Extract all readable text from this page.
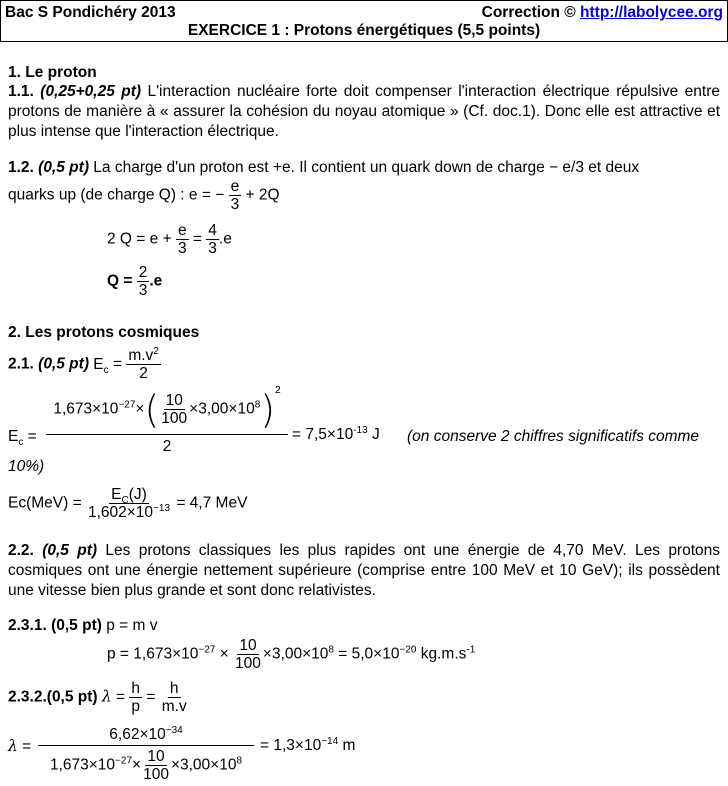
Bac S Pondichéry 2013	Correction © http://labolycee.org
EXERCICE 1 : Protons énergétiques (5,5 points)
1. Le proton
1.1. (0,25+0,25 pt) L'interaction nucléaire forte doit compenser l'interaction électrique répulsive entre protons de manière à « assurer la cohésion du noyau atomique » (Cf. doc.1). Donc elle est attractive et plus intense que l'interaction électrique.
1.2. (0,5 pt) La charge d'un proton est +e. Il contient un quark down de charge − e/3 et deux
quarks up (de charge Q) : e = − $\frac{e}{3} + 2Q$
2 $Q = e + \frac{e}{3} = \frac{4}{3} .e$
$Q = \frac{2}{3} .e$
2. Les protons cosmiques
2.1. (0,5 pt) $E_c = \frac{m.v^2}{2}$
$E_c$ =
$1,673\times 10^{-27}\times( \frac{10}{100} \times 3,00\times 10^8)^2$
2
= $7,5\times 10^{-13}$ J (on conserve 2 chiffres significatifs comme
10%)
$Ec(MeV) = \frac{E_C(J)}{1,602\times 10^{-13}} = 4,7$ MeV
2.2. (0,5 pt) Les protons classiques les plus rapides ont une énergie de 4,70 MeV. Les protons cosmiques ont une énergie nettement supérieure (comprise entre 100 MeV et 10 GeV); ils possèdent une vitesse bien plus grande et sont donc relativistes.
2.3.1. (0,5 pt) p = m v
$p = 1,673\times 10^{-27} \times \frac{10}{100} \times 3,00\times 10^8 = 5,0\times 10^{-20}$ $kg.m.s^{-1}$
2.3.2.(0,5 pt) $\lambda = \frac{h}{p} = \frac{h}{m.v}$
λ =
$6,62\times 10^{-34}$
$1,673\times 10^{-27}\times \frac{10}{100} \times 3,00\times 10^8$
= $1,3\times 10^{-14}$ m
